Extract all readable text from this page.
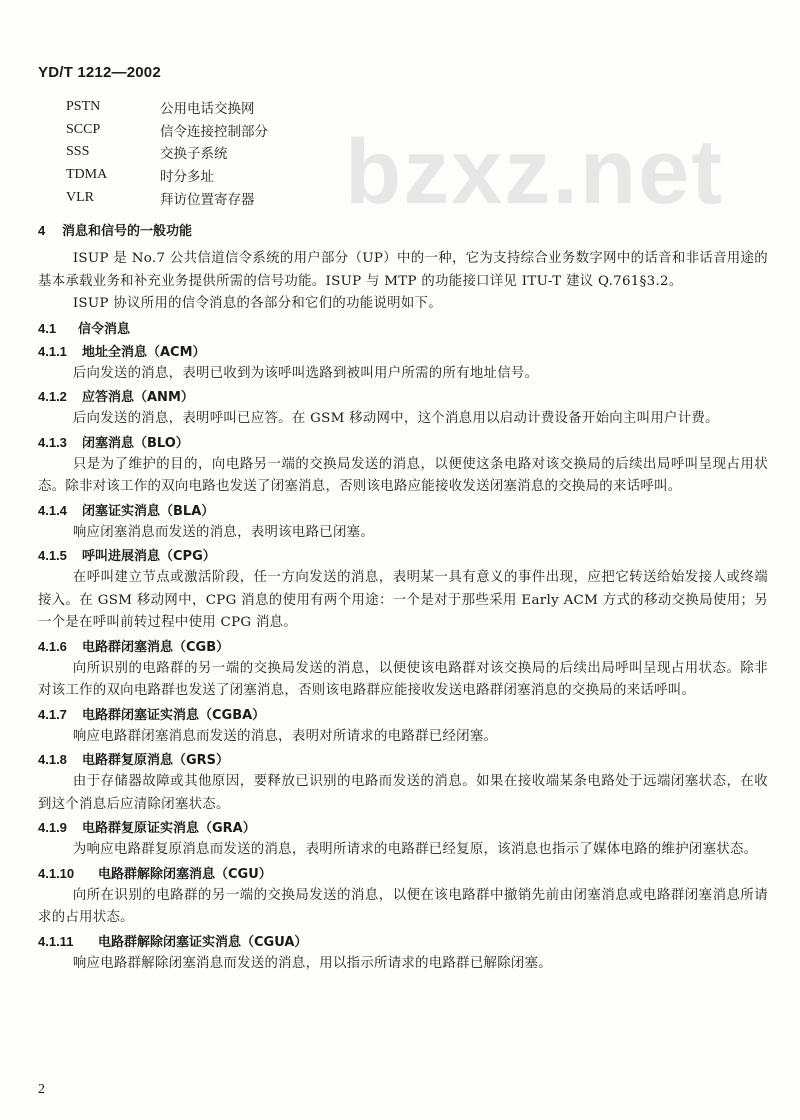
YD/T 1212—2002
bzxz.net
PSTN	公用电话交换网
SCCP	信令连接控制部分
SSS	交换子系统
TDMA	时分多址
VLR	拜访位置寄存器
4 消息和信号的一般功能

ISUP 是 No.7 公共信道信令系统的用户部分（UP）中的一种，它为支持综合业务数字网中的话音和非话音用途的基本承载业务和补充业务提供所需的信号功能。ISUP 与 MTP 的功能接口详见 ITU-T 建议 Q.761§3.2。

ISUP 协议所用的信令消息的各部分和它们的功能说明如下。

4.1 信令消息
4.1.1 地址全消息（ACM）

后向发送的消息，表明已收到为该呼叫选路到被叫用户所需的所有地址信号。

4.1.2 应答消息（ANM）

后向发送的消息，表明呼叫已应答。在 GSM 移动网中，这个消息用以启动计费设备开始向主叫用户计费。

4.1.3 闭塞消息（BLO）

只是为了维护的目的，向电路另一端的交换局发送的消息，以便使这条电路对该交换局的后续出局呼叫呈现占用状态。除非对该工作的双向电路也发送了闭塞消息，否则该电路应能接收发送闭塞消息的交换局的来话呼叫。

4.1.4 闭塞证实消息（BLA）

响应闭塞消息而发送的消息，表明该电路已闭塞。

4.1.5 呼叫进展消息（CPG）

在呼叫建立节点或激活阶段，任一方向发送的消息，表明某一具有意义的事件出现，应把它转送给始发接人或终端接入。在 GSM 移动网中，CPG 消息的使用有两个用途：一个是对于那些采用 Early ACM 方式的移动交换局使用；另一个是在呼叫前转过程中使用 CPG 消息。

4.1.6 电路群闭塞消息（CGB）

向所识别的电路群的另一端的交换局发送的消息，以便使该电路群对该交换局的后续出局呼叫呈现占用状态。除非对该工作的双向电路群也发送了闭塞消息，否则该电路群应能接收发送电路群闭塞消息的交换局的来话呼叫。

4.1.7 电路群闭塞证实消息（CGBA）

响应电路群闭塞消息而发送的消息，表明对所请求的电路群已经闭塞。

4.1.8 电路群复原消息（GRS）

由于存储器故障或其他原因，要释放已识别的电路而发送的消息。如果在接收端某条电路处于远端闭塞状态，在收到这个消息后应清除闭塞状态。

4.1.9 电路群复原证实消息（GRA）

为响应电路群复原消息而发送的消息，表明所请求的电路群已经复原，该消息也指示了媒体电路的维护闭塞状态。

4.1.10 电路群解除闭塞消息（CGU）

向所在识别的电路群的另一端的交换局发送的消息，以便在该电路群中撤销先前由闭塞消息或电路群闭塞消息所请求的占用状态。

4.1.11 电路群解除闭塞证实消息（CGUA）

响应电路群解除闭塞消息而发送的消息，用以指示所请求的电路群已解除闭塞。

2
